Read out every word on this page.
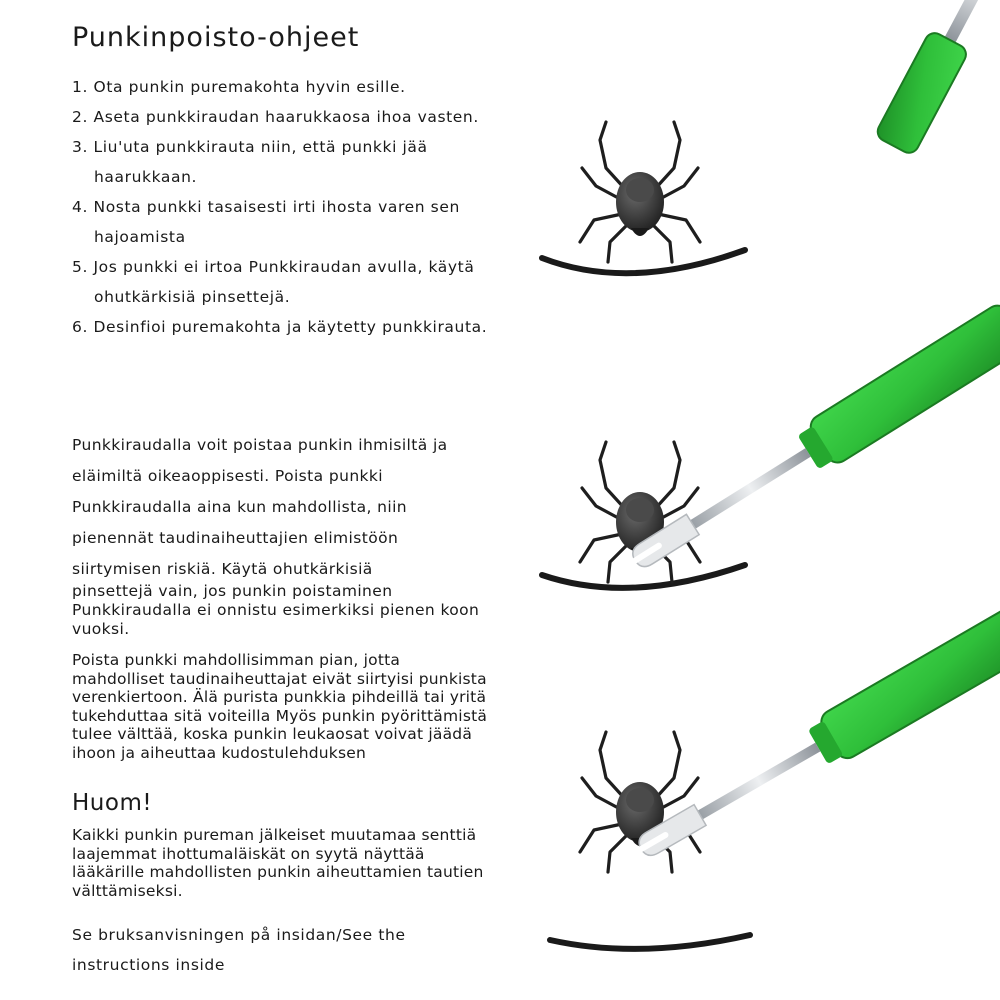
Punkinpoisto-ohjeet
1. Ota punkin puremakohta hyvin esille.
2. Aseta punkkiraudan haarukkaosa ihoa vasten.
3. Liu'uta punkkirauta niin, että punkki jää haarukkaan.
4. Nosta punkki tasaisesti irti ihosta varen sen hajoamista
5. Jos punkki ei irtoa Punkkiraudan avulla, käytä ohutkärkisiä pinsettejä.
6. Desinfioi puremakohta ja käytetty punkkirauta.

Punkkiraudalla voit poistaa punkin ihmisiltä ja eläimiltä oikeaoppisesti. Poista punkki Punkkiraudalla aina kun mahdollista, niin pienennät taudinaiheuttajien elimistöön siirtymisen riskiä. Käytä ohutkärkisiä

pinsettejä vain, jos punkin poistaminen Punkkiraudalla ei onnistu esimerkiksi pienen koon vuoksi.

Poista punkki mahdollisimman pian, jotta mahdolliset taudinaiheuttajat eivät siirtyisi punkista verenkiertoon. Älä purista punkkia pihdeillä tai yritä tukehduttaa sitä voiteilla Myös punkin pyörittämistä tulee välttää, koska punkin leukaosat voivat jäädä ihoon ja aiheuttaa kudostulehduksen

Huom!

Kaikki punkin pureman jälkeiset muutamaa senttiä laajemmat ihottumaläiskät on syytä näyttää lääkärille mahdollisten punkin aiheuttamien tautien välttämiseksi.

Se bruksanvisningen på insidan/See the instructions inside
